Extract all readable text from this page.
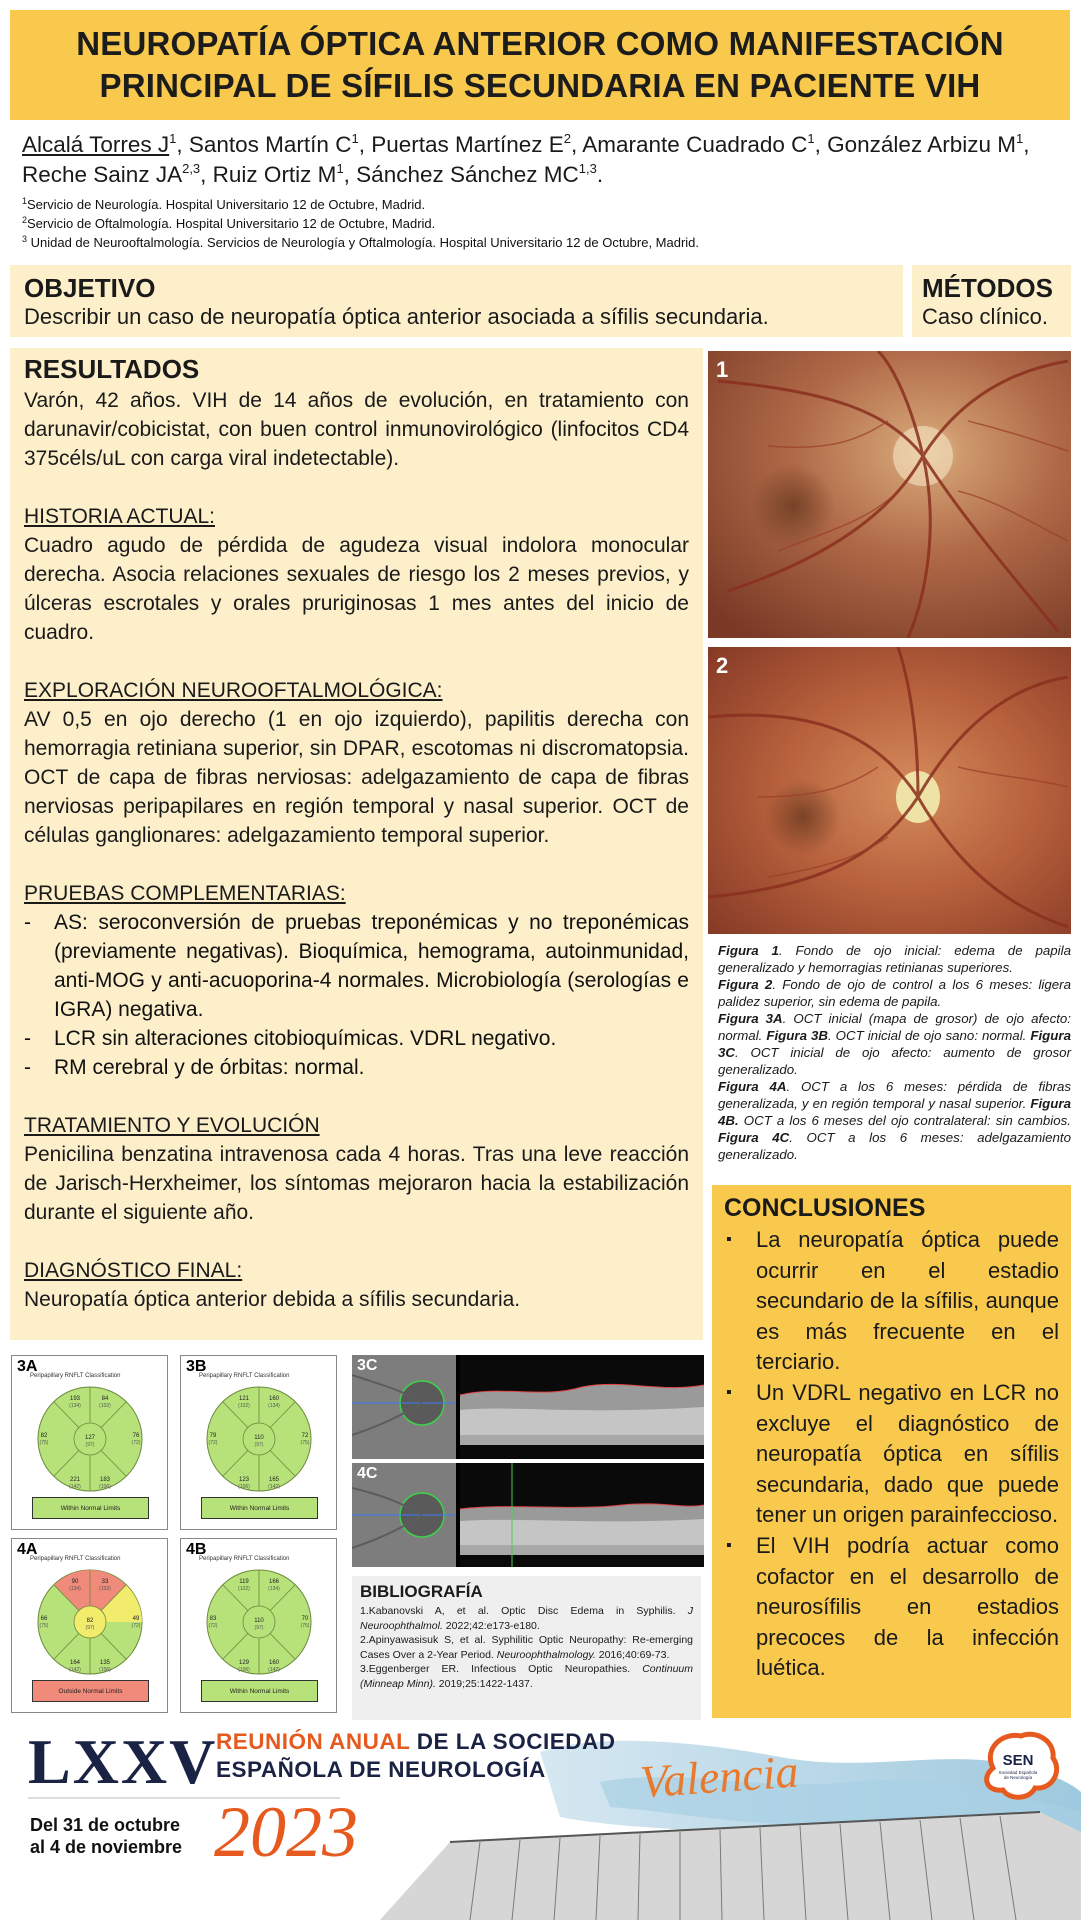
NEUROPATÍA ÓPTICA ANTERIOR COMO MANIFESTACIÓN
PRINCIPAL DE SÍFILIS SECUNDARIA EN PACIENTE VIH
Alcalá Torres $J^1$, Santos Martín $C^1$, Puertas Martínez $E^2$, Amarante Cuadrado $C^1$, González Arbizu $M^1$, Reche Sainz JA$^{2,3}$, Ruiz Ortiz $M^1$, Sánchez Sánchez MC$^{1,3}$.
$^1$Servicio de Neurología. Hospital Universitario 12 de Octubre, Madrid.
$^2$Servicio de Oftalmología. Hospital Universitario 12 de Octubre, Madrid.
$^3$ Unidad de Neurooftalmología. Servicios de Neurología y Oftalmología. Hospital Universitario 12 de Octubre, Madrid.
OBJETIVO
Describir un caso de neuropatía óptica anterior asociada a sífilis secundaria.
MÉTODOS
Caso clínico.
RESULTADOS
Varón, 42 años. VIH de 14 años de evolución, en tratamiento con darunavir/cobicistat, con buen control inmunovirológico (linfocitos CD4 375céls/uL con carga viral indetectable).
HISTORIA ACTUAL:
Cuadro agudo de pérdida de agudeza visual indolora monocular derecha. Asocia relaciones sexuales de riesgo los 2 meses previos, y úlceras escrotales y orales pruriginosas 1 mes antes del inicio de cuadro.
EXPLORACIÓN NEUROOFTALMOLÓGICA:
AV 0,5 en ojo derecho (1 en ojo izquierdo), papilitis derecha con hemorragia retiniana superior, sin DPAR, escotomas ni discromatopsia. OCT de capa de fibras nerviosas: adelgazamiento de capa de fibras nerviosas peripapilares en región temporal y nasal superior. OCT de células ganglionares: adelgazamiento temporal superior.
PRUEBAS COMPLEMENTARIAS:
- AS: seroconversión de pruebas treponémicas y no treponémicas (previamente negativas). Bioquímica, hemograma, autoinmunidad, anti-MOG y anti-acuoporina-4 normales. Microbiología (serologías e IGRA) negativa.
- LCR sin alteraciones citobioquímicas. VDRL negativo.
- RM cerebral y de órbitas: normal.
TRATAMIENTO Y EVOLUCIÓN
Penicilina benzatina intravenosa cada 4 horas. Tras una leve reacción de Jarisch-Herxheimer, los síntomas mejoraron hacia la estabilización durante el siguiente año.
DIAGNÓSTICO FINAL:
Neuropatía óptica anterior debida a sífilis secundaria.
1
2
Figura 1. Fondo de ojo inicial: edema de papila generalizado y hemorragias retinianas superiores.
Figura 2. Fondo de ojo de control a los 6 meses: ligera palidez superior, sin edema de papila.
Figura 3A. OCT inicial (mapa de grosor) de ojo afecto: normal. Figura 3B. OCT inicial de ojo sano: normal. Figura 3C. OCT inicial de ojo afecto: aumento de grosor generalizado.
Figura 4A. OCT a los 6 meses: pérdida de fibras generalizada, y en región temporal y nasal superior. Figura 4B. OCT a los 6 meses del ojo contralateral: sin cambios. Figura 4C. OCT a los 6 meses: adelgazamiento generalizado.
CONCLUSIONES
▪ La neuropatía óptica puede ocurrir en el estadio secundario de la sífilis, aunque es más frecuente en el terciario.
▪ Un VDRL negativo en LCR no excluye el diagnóstico de neuropatía óptica en sífilis secundaria, dado que puede tener un origen parainfeccioso.
▪ El VIH podría actuar como cofactor en el desarrollo de neurosífilis en estadios precoces de la infección luética.
3A
Peripapillary RNFLT Classification
193	84
82	127	76
221	183
(134)	(102)
(75)	(97)	(72)
(142)	(106)
Within Normal Limits
3B
Peripapillary RNFLT Classification
121	160
79	110	72
123	165
(102)	(134)
(72)	(97)	(75)
(106)	(142)
Within Normal Limits
4A
Peripapillary RNFLT Classification
90	33
66	82	49
164	135
(134)	(102)
(75)	(97)	(72)
(142)	(106)
Outside Normal Limits
4B
Peripapillary RNFLT Classification
119	166
83	110	70
129	160
(102)	(134)
(72)	(97)	(75)
(106)	(142)
Within Normal Limits
3C
4C
BIBLIOGRAFÍA
1.Kabanovski A, et al. Optic Disc Edema in Syphilis. J Neuroophthalmol. 2022;42:e173-e180.
2.Apinyawasisuk S, et al. Syphilitic Optic Neuropathy: Re-emerging Cases Over a 2-Year Period. Neuroophthalmology. 2016;40:69-73.
3.Eggenberger ER. Infectious Optic Neuropathies. Continuum (Minneap Minn). 2019;25:1422-1437.
LXXV
REUNIÓN ANUAL DE LA SOCIEDAD
ESPAÑOLA DE NEUROLOGÍA	Valencia
Del 31 de octubre
al 4 de noviembre 2023
SEN
Sociedad Española
de Neurología
